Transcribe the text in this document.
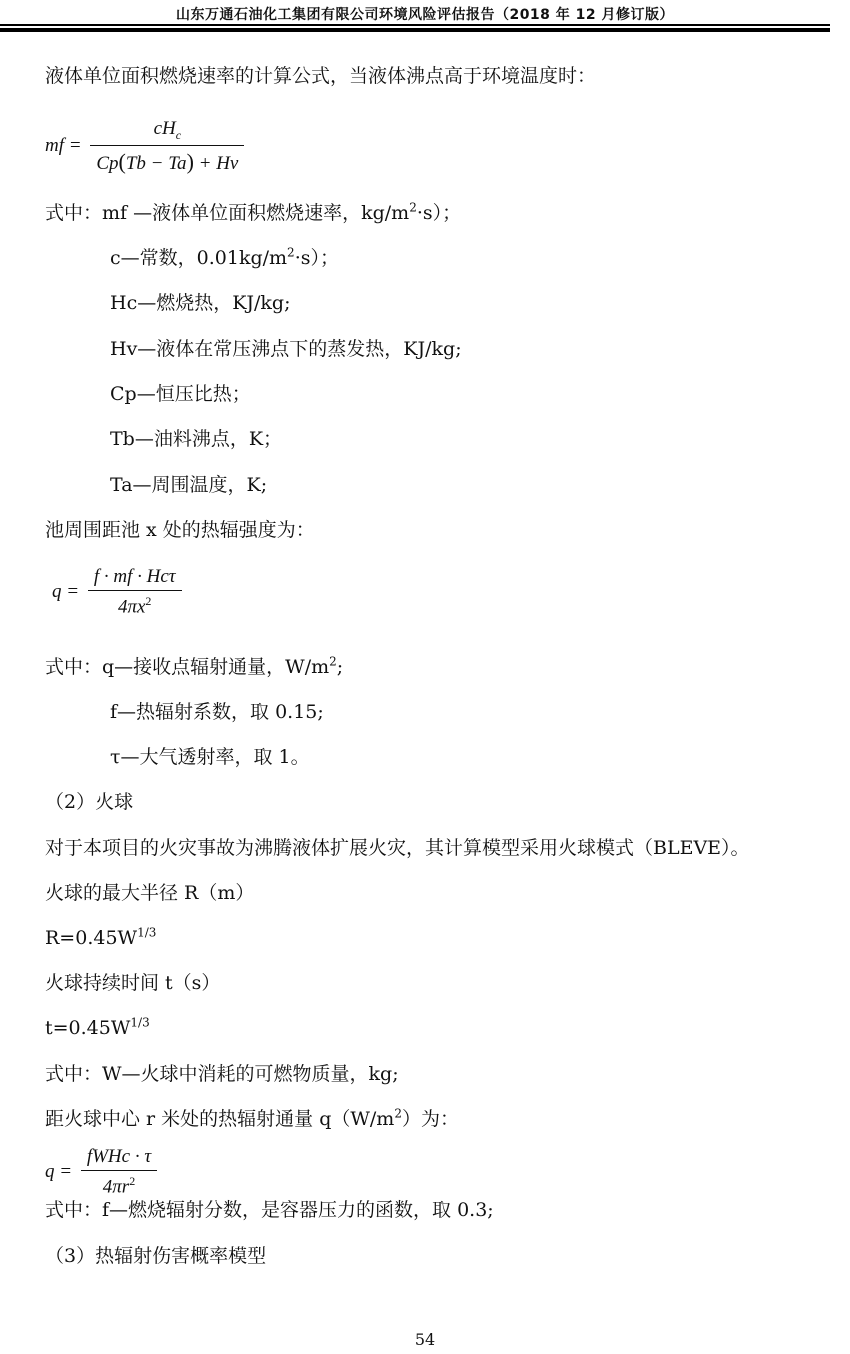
山东万通石油化工集团有限公司环境风险评估报告（2018 年 12 月修订版）
液体单位面积燃烧速率的计算公式，当液体沸点高于环境温度时：
mf = $\frac{cH_c}{Cp(Tb - Ta) + Hv}$
式中：mf —液体单位面积燃烧速率，$kg/m^2\cdot s$）；
c—常数，$0.01kg/m^2\cdot s$）；
Hc—燃烧热，KJ/kg;
Hv—液体在常压沸点下的蒸发热，KJ/kg;
Cp—恒压比热；
Tb—油料沸点，K；
Ta—周围温度，K;
池周围距池 x 处的热辐强度为：
$q = \frac{\text{f · mf · Hcτ}}{4\pi x^2}$
式中：q—接收点辐射通量，$W/m^2$;
f—热辐射系数，取 0.15;
τ—大气透射率，取 1。
（2）火球
对于本项目的火灾事故为沸腾液体扩展火灾，其计算模型采用火球模式（BLEVE）。
火球的最大半径 R（m）
$R=0.45W^{1/3}$
火球持续时间 t（s）
$t=0.45W^{1/3}$
式中：W—火球中消耗的可燃物质量，kg;
距火球中心 r 米处的热辐射通量 $q(W/m^2)$为：
$q = \frac{\text{fWHc · τ}}{4\pi r^2}$
式中：f—燃烧辐射分数，是容器压力的函数，取 0.3;
（3）热辐射伤害概率模型
54
